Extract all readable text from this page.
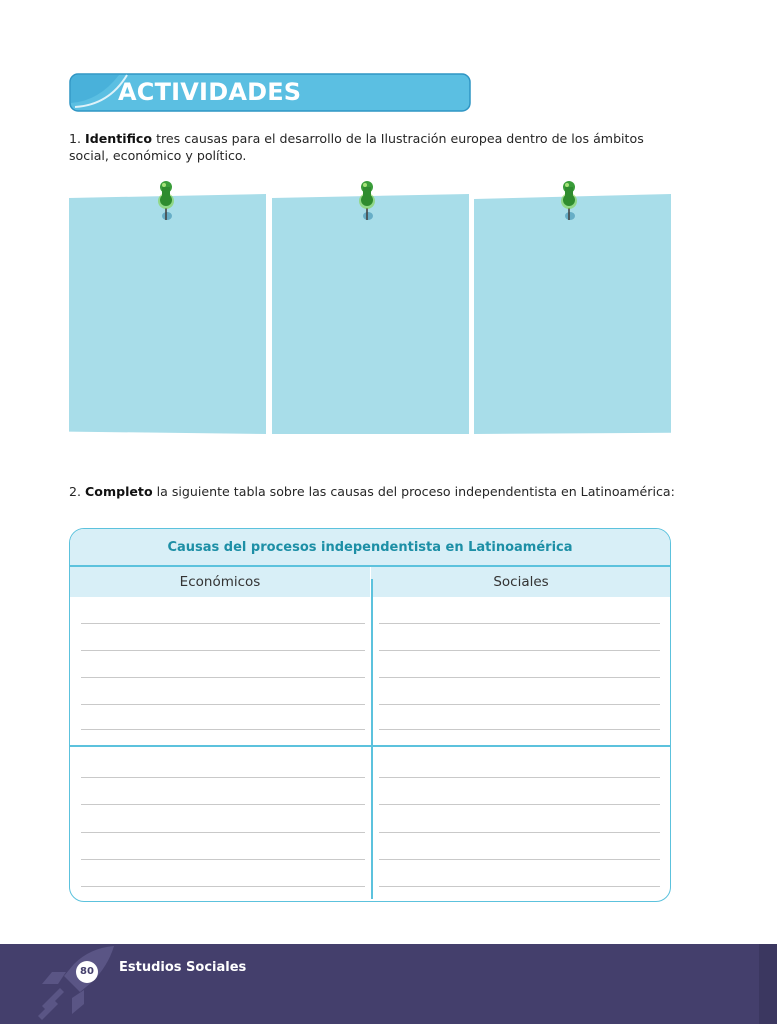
ACTIVIDADES
1. Identifico tres causas para el desarrollo de la Ilustración europea dentro de los ámbitos social, económico y político.
2. Completo la siguiente tabla sobre las causas del proceso independentista en Latinoamérica:
Causas del procesos independentista en Latinoamérica
Económicos	Sociales
80	Estudios Sociales
